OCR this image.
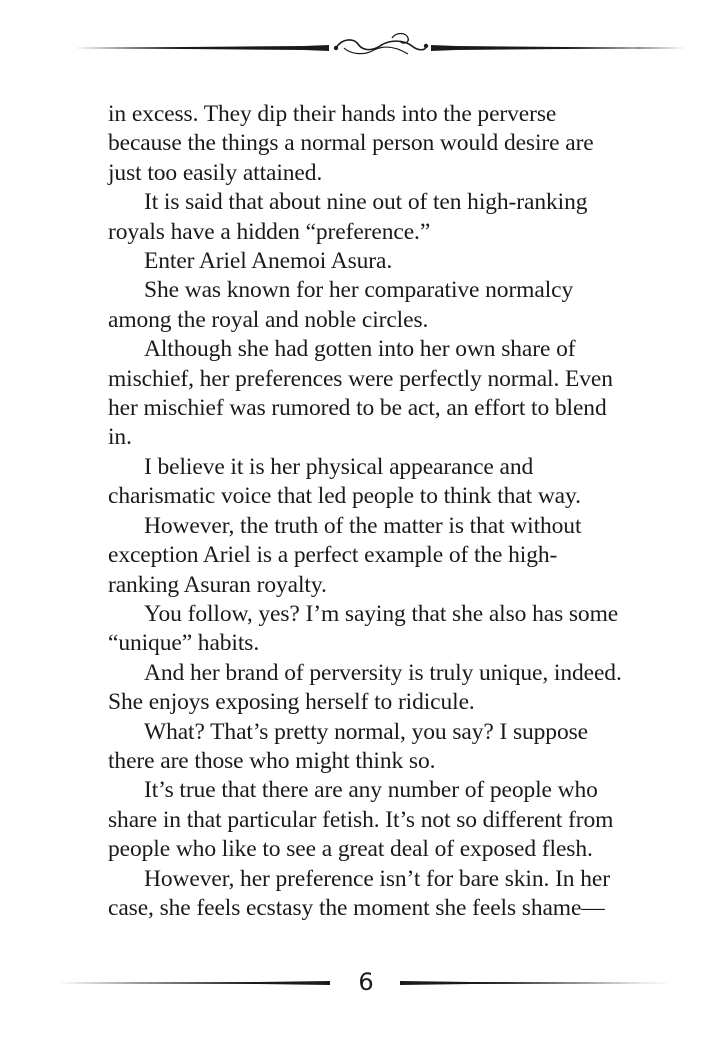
in excess. They dip their hands into the perverse because the things a normal person would desire are just too easily attained.

It is said that about nine out of ten high-ranking royals have a hidden “preference.”

Enter Ariel Anemoi Asura.

She was known for her comparative normalcy among the royal and noble circles.

Although she had gotten into her own share of mischief, her preferences were perfectly normal. Even her mischief was rumored to be act, an effort to blend in.

I believe it is her physical appearance and charismatic voice that led people to think that way.

However, the truth of the matter is that without exception Ariel is a perfect example of the high-ranking Asuran royalty.

You follow, yes? I’m saying that she also has some “unique” habits.

And her brand of perversity is truly unique, indeed. She enjoys exposing herself to ridicule.

What? That’s pretty normal, you say? I suppose there are those who might think so.

It’s true that there are any number of people who share in that particular fetish. It’s not so different from people who like to see a great deal of exposed flesh.

However, her preference isn’t for bare skin. In her case, she feels ecstasy the moment she feels shame—

6
